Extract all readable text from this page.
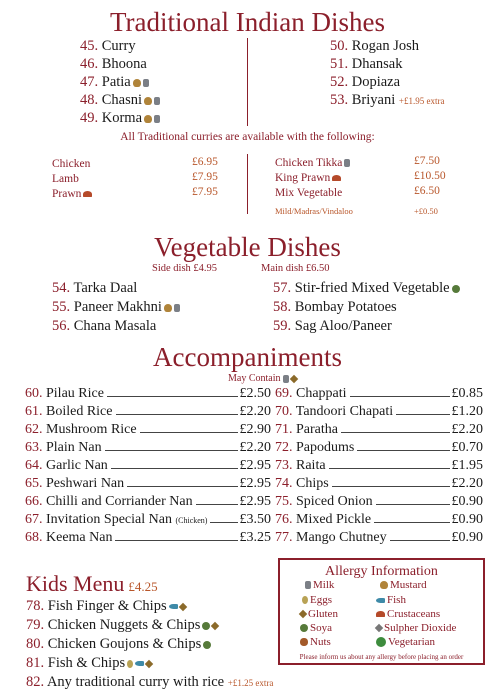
Traditional Indian Dishes
45. Curry
46. Bhoona
47. Patia
48. Chasni
49. Korma
50. Rogan Josh
51. Dhansak
52. Dopiaza
53. Briyani +£1.95 extra
All Traditional curries are available with the following:
Chicken	£6.95
Lamb	£7.95
Prawn	£7.95
Chicken Tikka	£7.50
King Prawn	£10.50
Mix Vegetable	£6.50
Mild/Madras/Vindaloo	+£0.50
Vegetable Dishes
Side dish £4.95	Main dish £6.50
54. Tarka Daal
55. Paneer Makhni
56. Chana Masala
57. Stir-fried Mixed Vegetable
58. Bombay Potatoes
59. Sag Aloo/Paneer
Accompaniments
May Contain
60. Pilau Rice	£2.50
61. Boiled Rice	£2.20
62. Mushroom Rice	£2.90
63. Plain Nan	£2.20
64. Garlic Nan	£2.95
65. Peshwari Nan	£2.95
66. Chilli and Corriander Nan	£2.95
67. Invitation Special Nan (Chicken) £3.50
68. Keema Nan	£3.25
69. Chappati	£0.85
70. Tandoori Chapati	£1.20
71. Paratha	£2.20
72. Papodums	£0.70
73. Raita	£1.95
74. Chips	£2.20
75. Spiced Onion	£0.90
76. Mixed Pickle	£0.90
77. Mango Chutney	£0.90
Kids Menu £4.25
78. Fish Finger & Chips
79. Chicken Nuggets & Chips
80. Chicken Goujons & Chips
81. Fish & Chips
82. Any traditional curry with rice +£1.25 extra
Allergy Information
Milk	Mustard
Eggs	Fish
Gluten	Crustaceans
Soya	Sulpher Dioxide
Nuts	Vegetarian
Please inform us about any allergy before placing an order
